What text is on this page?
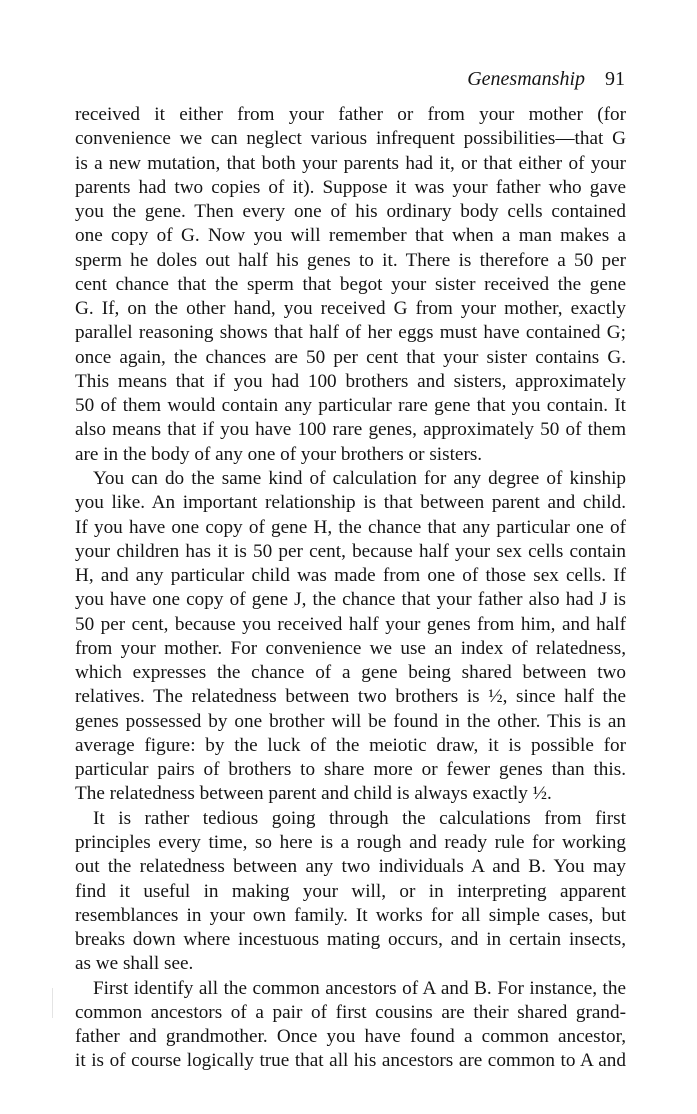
Genesmanship 91
received it either from your father or from your mother (for
convenience we can neglect various infrequent possibilities—that G
is a new mutation, that both your parents had it, or that either of your
parents had two copies of it). Suppose it was your father who gave
you the gene. Then every one of his ordinary body cells contained
one copy of G. Now you will remember that when a man makes a
sperm he doles out half his genes to it. There is therefore a 50 per
cent chance that the sperm that begot your sister received the gene
G. If, on the other hand, you received G from your mother, exactly
parallel reasoning shows that half of her eggs must have contained G;
once again, the chances are 50 per cent that your sister contains G.
This means that if you had 100 brothers and sisters, approximately
50 of them would contain any particular rare gene that you contain. It
also means that if you have 100 rare genes, approximately 50 of them
are in the body of any one of your brothers or sisters.
You can do the same kind of calculation for any degree of kinship
you like. An important relationship is that between parent and child.
If you have one copy of gene H, the chance that any particular one of
your children has it is 50 per cent, because half your sex cells contain
H, and any particular child was made from one of those sex cells. If
you have one copy of gene J, the chance that your father also had J is
50 per cent, because you received half your genes from him, and half
from your mother. For convenience we use an index of relatedness,
which expresses the chance of a gene being shared between two
relatives. The relatedness between two brothers is ½, since half the
genes possessed by one brother will be found in the other. This is an
average figure: by the luck of the meiotic draw, it is possible for
particular pairs of brothers to share more or fewer genes than this.
The relatedness between parent and child is always exactly ½.
It is rather tedious going through the calculations from first
principles every time, so here is a rough and ready rule for working
out the relatedness between any two individuals A and B. You may
find it useful in making your will, or in interpreting apparent
resemblances in your own family. It works for all simple cases, but
breaks down where incestuous mating occurs, and in certain insects,
as we shall see.
First identify all the common ancestors of A and B. For instance, the
common ancestors of a pair of first cousins are their shared grand-
father and grandmother. Once you have found a common ancestor,
it is of course logically true that all his ancestors are common to A and
